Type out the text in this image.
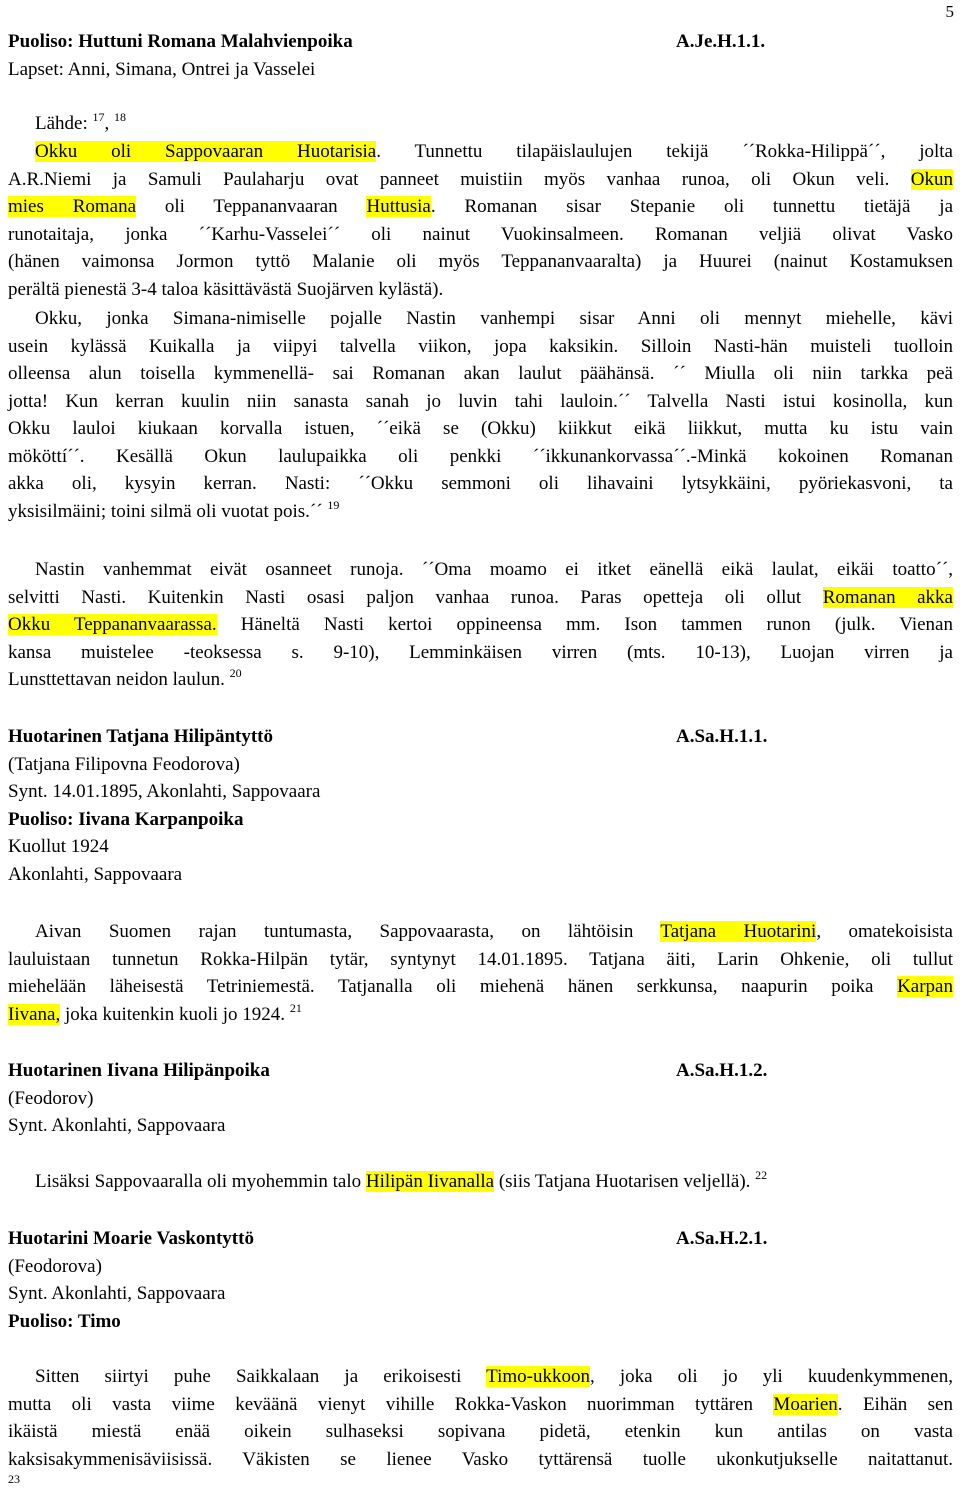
5
Puoliso: Huttuni Romana Malahvienpoika	A.Je.H.1.1.
Lapset: Anni, Simana, Ontrei ja Vasselei
Lähde: $^{17}$, $^{18}$
Okku oli Sappovaaran Huotarisia. Tunnettu tilapäislaulujen tekijä ´´Rokka-Hilippä´´, jolta
A.R.Niemi ja Samuli Paulaharju ovat panneet muistiin myös vanhaa runoa, oli Okun veli. Okun
mies Romana oli Teppananvaaran Huttusia. Romanan sisar Stepanie oli tunnettu tietäjä ja
runotaitaja, jonka ´´Karhu-Vasselei´´ oli nainut Vuokinsalmeen. Romanan veljiä olivat Vasko
(hänen vaimonsa Jormon tyttö Malanie oli myös Teppananvaaralta) ja Huurei (nainut Kostamuksen
perältä pienestä 3-4 taloa käsittävästä Suojärven kylästä).
Okku, jonka Simana-nimiselle pojalle Nastin vanhempi sisar Anni oli mennyt miehelle, kävi
usein kylässä Kuikalla ja viipyi talvella viikon, jopa kaksikin. Silloin Nasti-hän muisteli tuolloin
olleensa alun toisella kymmenellä- sai Romanan akan laulut päähänsä. ´´ Miulla oli niin tarkka peä
jotta! Kun kerran kuulin niin sanasta sanah jo luvin tahi lauloin.´´ Talvella Nasti istui kosinolla, kun
Okku lauloi kiukaan korvalla istuen, ´´eikä se (Okku) kiikkut eikä liikkut, mutta ku istu vain
mököttí´´. Kesällä Okun laulupaikka oli penkki ´´ikkunankorvassa´´.-Minkä kokoinen Romanan
akka oli, kysyin kerran. Nasti: ´´Okku semmoni oli lihavaini lytsykkäini, pyöriekasvoni, ta
yksisilmäini; toini silmä oli vuotat pois.´´ $^{19}$
Nastin vanhemmat eivät osanneet runoja. ´´Oma moamo ei itket eänellä eikä laulat, eikäi toatto´´,
selvitti Nasti. Kuitenkin Nasti osasi paljon vanhaa runoa. Paras opetteja oli ollut Romanan akka
Okku Teppananvaarassa. Häneltä Nasti kertoi oppineensa mm. Ison tammen runon (julk. Vienan
kansa muistelee -teoksessa s. 9-10), Lemminkäisen virren (mts. 10-13), Luojan virren ja
Lunsttettavan neidon laulun. $^{20}$
Huotarinen Tatjana Hilipäntyttö	A.Sa.H.1.1.
(Tatjana Filipovna Feodorova)
Synt. 14.01.1895, Akonlahti, Sappovaara
Puoliso: Iivana Karpanpoika
Kuollut 1924
Akonlahti, Sappovaara
Aivan Suomen rajan tuntumasta, Sappovaarasta, on lähtöisin Tatjana Huotarini, omatekoisista
lauluistaan tunnetun Rokka-Hilpän tytär, syntynyt 14.01.1895. Tatjana äiti, Larin Ohkenie, oli tullut
miehelään läheisestä Tetriniemestä. Tatjanalla oli miehenä hänen serkkunsa, naapurin poika Karpan
Iivana, joka kuitenkin kuoli jo 1924. $^{21}$
Huotarinen Iivana Hilipänpoika	A.Sa.H.1.2.
(Feodorov)
Synt. Akonlahti, Sappovaara
Lisäksi Sappovaaralla oli myohemmin talo Hilipän Iivanalla (siis Tatjana Huotarisen veljellä). $^{22}$
Huotarini Moarie Vaskontyttö	A.Sa.H.2.1.
(Feodorova)
Synt. Akonlahti, Sappovaara
Puoliso: Timo
Sitten siirtyi puhe Saikkalaan ja erikoisesti Timo-ukkoon, joka oli jo yli kuudenkymmenen,
mutta oli vasta viime keväänä vienyt vihille Rokka-Vaskon nuorimman tyttären Moarien. Eihän sen
ikäistä miestä enää oikein sulhaseksi sopivana pidetä, etenkin kun antilas on vasta
kaksisakymmenisäviisissä. Väkisten se lienee Vasko tyttärensä tuolle ukonkutjukselle naitattanut.
23
